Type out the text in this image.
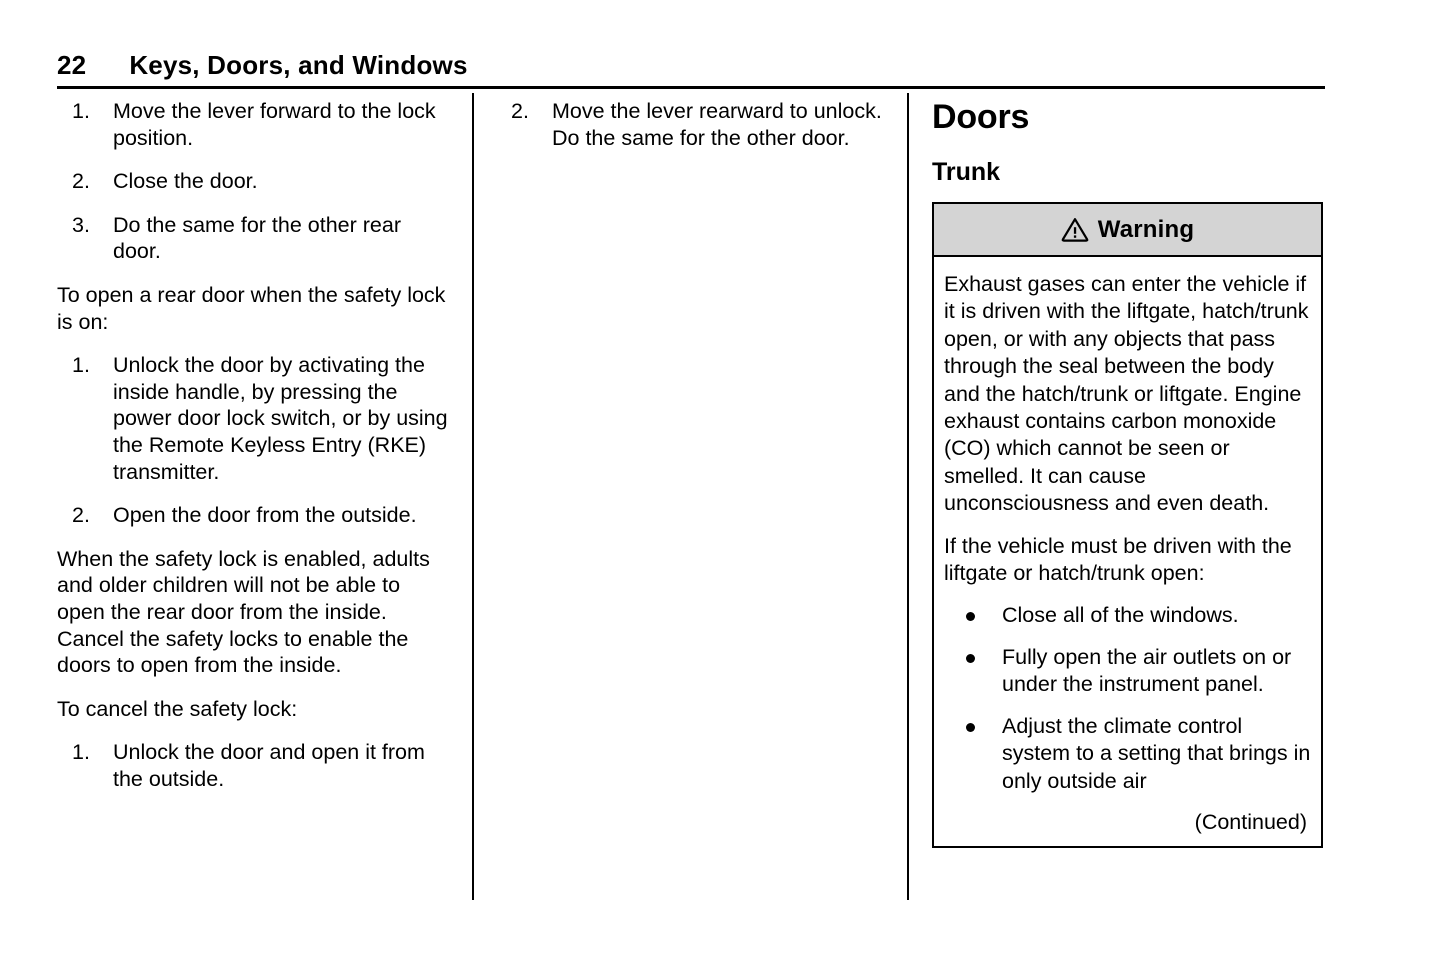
22 Keys, Doors, and Windows
1.	Move the lever forward to the lock position.
2.	Close the door.
3.	Do the same for the other rear door.

To open a rear door when the safety lock is on:

1.	Unlock the door by activating the inside handle, by pressing the power door lock switch, or by using the Remote Keyless Entry (RKE) transmitter.
2.	Open the door from the outside.

When the safety lock is enabled, adults and older children will not be able to open the rear door from the inside. Cancel the safety locks to enable the doors to open from the inside.

To cancel the safety lock:

1.	Unlock the door and open it from the outside.
2.	Move the lever rearward to unlock. Do the same for the other door.
Doors
Trunk
Warning

Exhaust gases can enter the vehicle if it is driven with the liftgate, hatch/trunk open, or with any objects that pass through the seal between the body and the hatch/trunk or liftgate. Engine exhaust contains carbon monoxide (CO) which cannot be seen or smelled. It can cause unconsciousness and even death.

If the vehicle must be driven with the liftgate or hatch/trunk open:

Close all of the windows.
Fully open the air outlets on or under the instrument panel.
Adjust the climate control system to a setting that brings in only outside air
(Continued)
